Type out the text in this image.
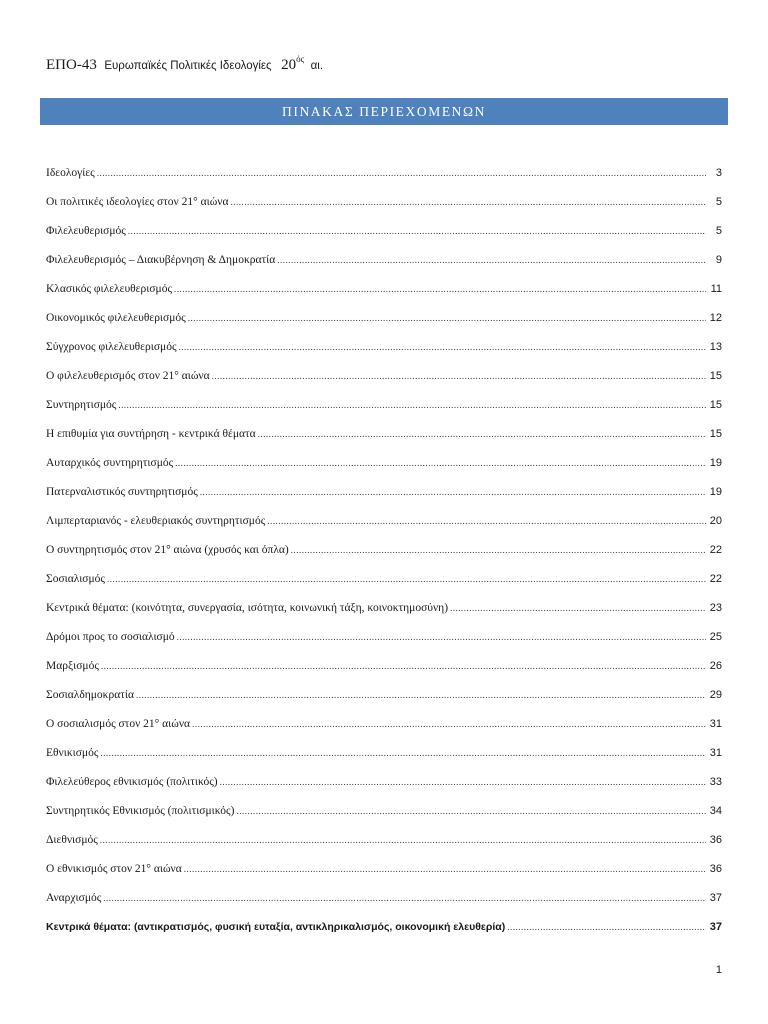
ΕΠΟ-43 Ευρωπαϊκές Πολιτικές Ιδεολογίες $20^{ό\varsigma}$ αι.
ΠΙΝΑΚΑΣ ΠΕΡΙΕΧΟΜΕΝΩΝ
Ιδεολογίες .....	3
Οι πολιτικές ιδεολογίες στον 21° αιώνα .....	5
Φιλελευθερισμός .....	5
Φιλελευθερισμός – Διακυβέρνηση & Δημοκρατία .....	9
Κλασικός φιλελευθερισμός .....	11
Οικονομικός φιλελευθερισμός .....	12
Σύγχρονος φιλελευθερισμός .....	13
Ο φιλελευθερισμός στον 21° αιώνα .....	15
Συντηρητισμός .....	15
Η επιθυμία για συντήρηση - κεντρικά θέματα .....	15
Αυταρχικός συντηρητισμός .....	19
Πατερναλιστικός συντηρητισμός .....	19
Λιμπερταριανός - ελευθεριακός συντηρητισμός .....	20
Ο συντηρητισμός στον 21° αιώνα (χρυσός και όπλα) .....	22
Σοσιαλισμός .....	22
Κεντρικά θέματα: (κοινότητα, συνεργασία, ισότητα, κοινωνική τάξη, κοινοκτημοσύνη) .....	23
Δρόμοι προς το σοσιαλισμό .....	25
Μαρξισμός .....	26
Σοσιαλδημοκρατία .....	29
Ο σοσιαλισμός στον 21° αιώνα .....	31
Εθνικισμός .....	31
Φιλελεύθερος εθνικισμός (πολιτικός) .....	33
Συντηρητικός Εθνικισμός (πολιτισμικός) .....	34
Διεθνισμός .....	36
Ο εθνικισμός στον 21° αιώνα .....	36
Αναρχισμός .....	37
Κεντρικά θέματα: (αντικρατισμός, φυσική ευταξία, αντικληρικαλισμός, οικονομική ελευθερία) .....	37
1
